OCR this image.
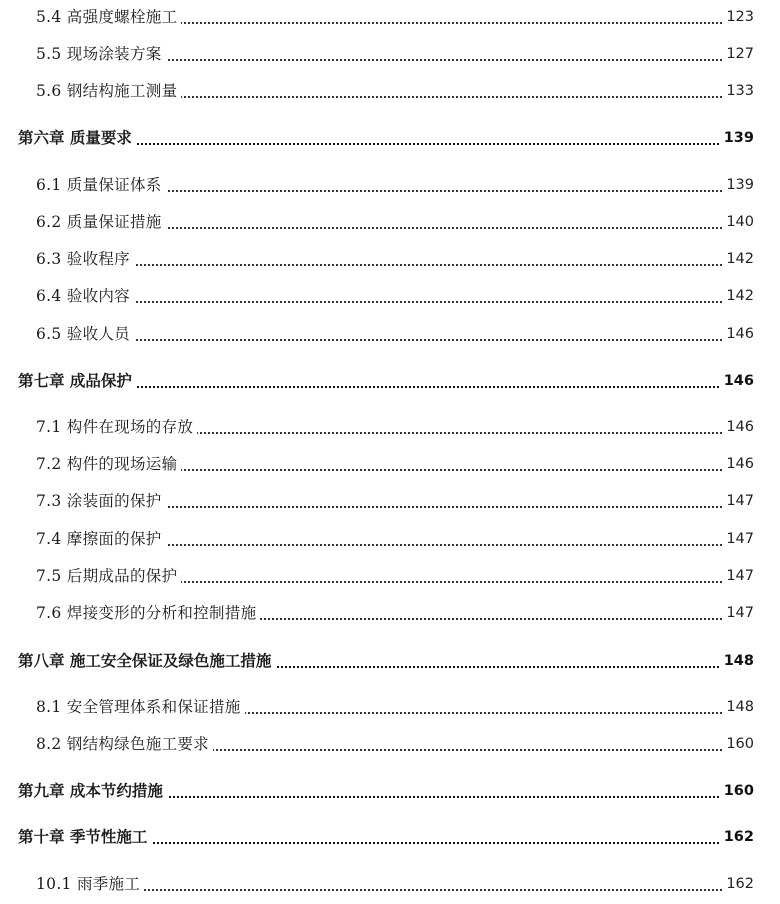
5.4 高强度螺栓施工	123
5.5 现场涂装方案	127
5.6 钢结构施工测量	133
第六章 质量要求	139
6.1 质量保证体系	139
6.2 质量保证措施	140
6.3 验收程序	142
6.4 验收内容	142
6.5 验收人员	146
第七章 成品保护	146
7.1 构件在现场的存放	146
7.2 构件的现场运输	146
7.3 涂装面的保护	147
7.4 摩擦面的保护	147
7.5 后期成品的保护	147
7.6 焊接变形的分析和控制措施	147
第八章 施工安全保证及绿色施工措施	148
8.1 安全管理体系和保证措施	148
8.2 钢结构绿色施工要求	160
第九章 成本节约措施	160
第十章 季节性施工	162
10.1 雨季施工	162
